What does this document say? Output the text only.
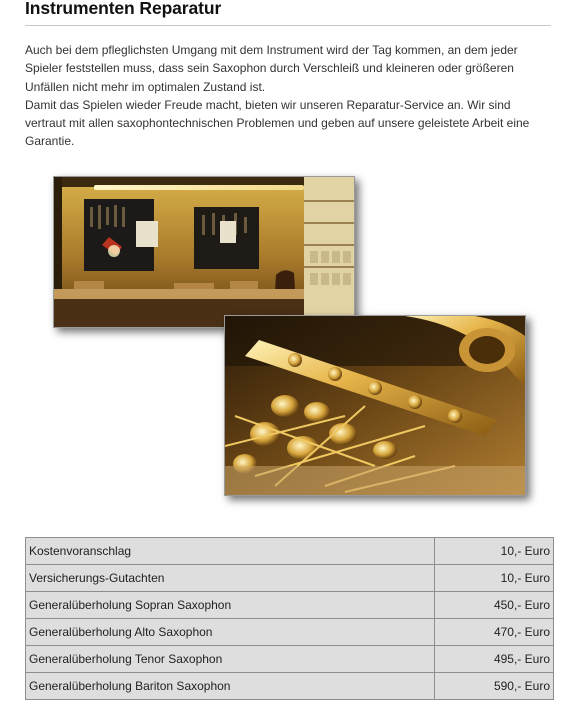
Instrumenten Reparatur

Auch bei dem pfleglichsten Umgang mit dem Instrument wird der Tag kommen, an dem jeder Spieler feststellen muss, dass sein Saxophon durch Verschleiß und kleineren oder größeren Unfällen nicht mehr im optimalen Zustand ist.

Damit das Spielen wieder Freude macht, bieten wir unseren Reparatur-Service an. Wir sind vertraut mit allen saxophontechnischen Problemen und geben auf unsere geleistete Arbeit eine Garantie.

Kostenvoranschlag	10,- Euro
Versicherungs-Gutachten	10,- Euro
Generalüberholung Sopran Saxophon	450,- Euro
Generalüberholung Alto Saxophon	470,- Euro
Generalüberholung Tenor Saxophon	495,- Euro
Generalüberholung Bariton Saxophon	590,- Euro
